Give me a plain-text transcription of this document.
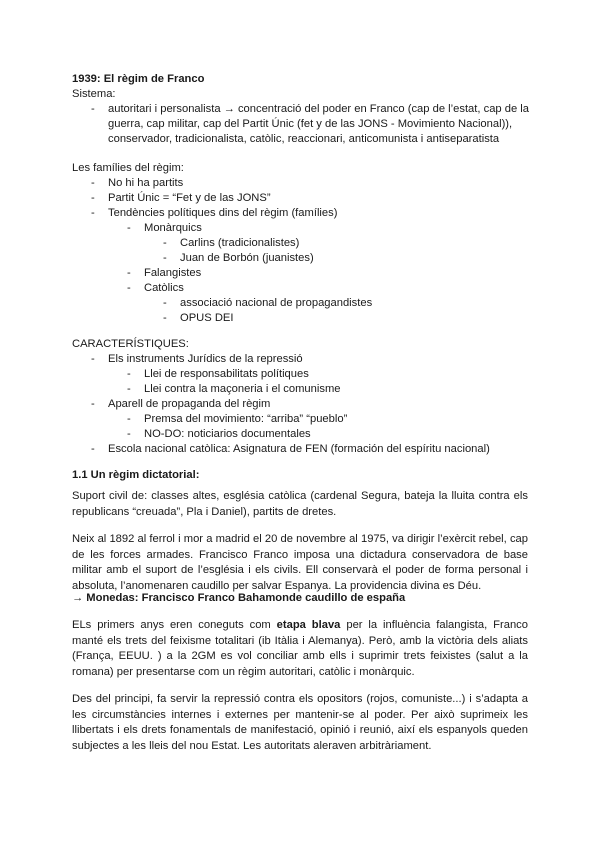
1939: El règim de Franco
Sistema:
- autoritari i personalista → concentració del poder en Franco (cap de l’estat, cap de la guerra, cap militar, cap del Partit Únic (fet y de las JONS - Movimiento Nacional)), conservador, tradicionalista, catòlic, reaccionari, anticomunista i antiseparatista
Les famílies del règim:
- No hi ha partits
- Partit Únic = “Fet y de las JONS”
- Tendències polítiques dins del règim (famílies)
- Monàrquics
- Carlins (tradicionalistes)
- Juan de Borbón (juanistes)
- Falangistes
- Catòlics
- associació nacional de propagandistes
- OPUS DEI
CARACTERÍSTIQUES:
- Els instruments Jurídics de la repressió
- Llei de responsabilitats polítiques
- Llei contra la maçoneria i el comunisme
- Aparell de propaganda del règim
- Premsa del movimiento: “arriba” “pueblo”
- NO-DO: noticiarios documentales
- Escola nacional catòlica: Asignatura de FEN (formación del espíritu nacional)
1.1 Un règim dictatorial:
Suport civil de: classes altes, església catòlica (cardenal Segura, bateja la lluita contra els republicans “creuada”, Pla i Daniel), partits de dretes.
Neix al 1892 al ferrol i mor a madrid el 20 de novembre al 1975, va dirigir l’exèrcit rebel, cap de les forces armades. Francisco Franco imposa una dictadura conservadora de base militar amb el suport de l’església i els civils. Ell conservarà el poder de forma personal i absoluta, l’anomenaren caudillo per salvar Espanya. La providencia divina es Déu.
→ Monedas: Francisco Franco Bahamonde caudillo de españa
ELs primers anys eren coneguts com etapa blava per la influència falangista, Franco manté els trets del feixisme totalitari (ib Itàlia i Alemanya). Però, amb la victòria dels aliats (França, EEUU. ) a la 2GM es vol conciliar amb ells i suprimir trets feixistes (salut a la romana) per presentarse com un règim autoritari, catòlic i monàrquic.
Des del principi, fa servir la repressió contra els opositors (rojos, comuniste...) i s’adapta a les circumstàncies internes i externes per mantenir-se al poder. Per això suprimeix les llibertats i els drets fonamentals de manifestació, opinió i reunió, així els espanyols queden subjectes a les lleis del nou Estat. Les autoritats aleraven arbitràriament.
